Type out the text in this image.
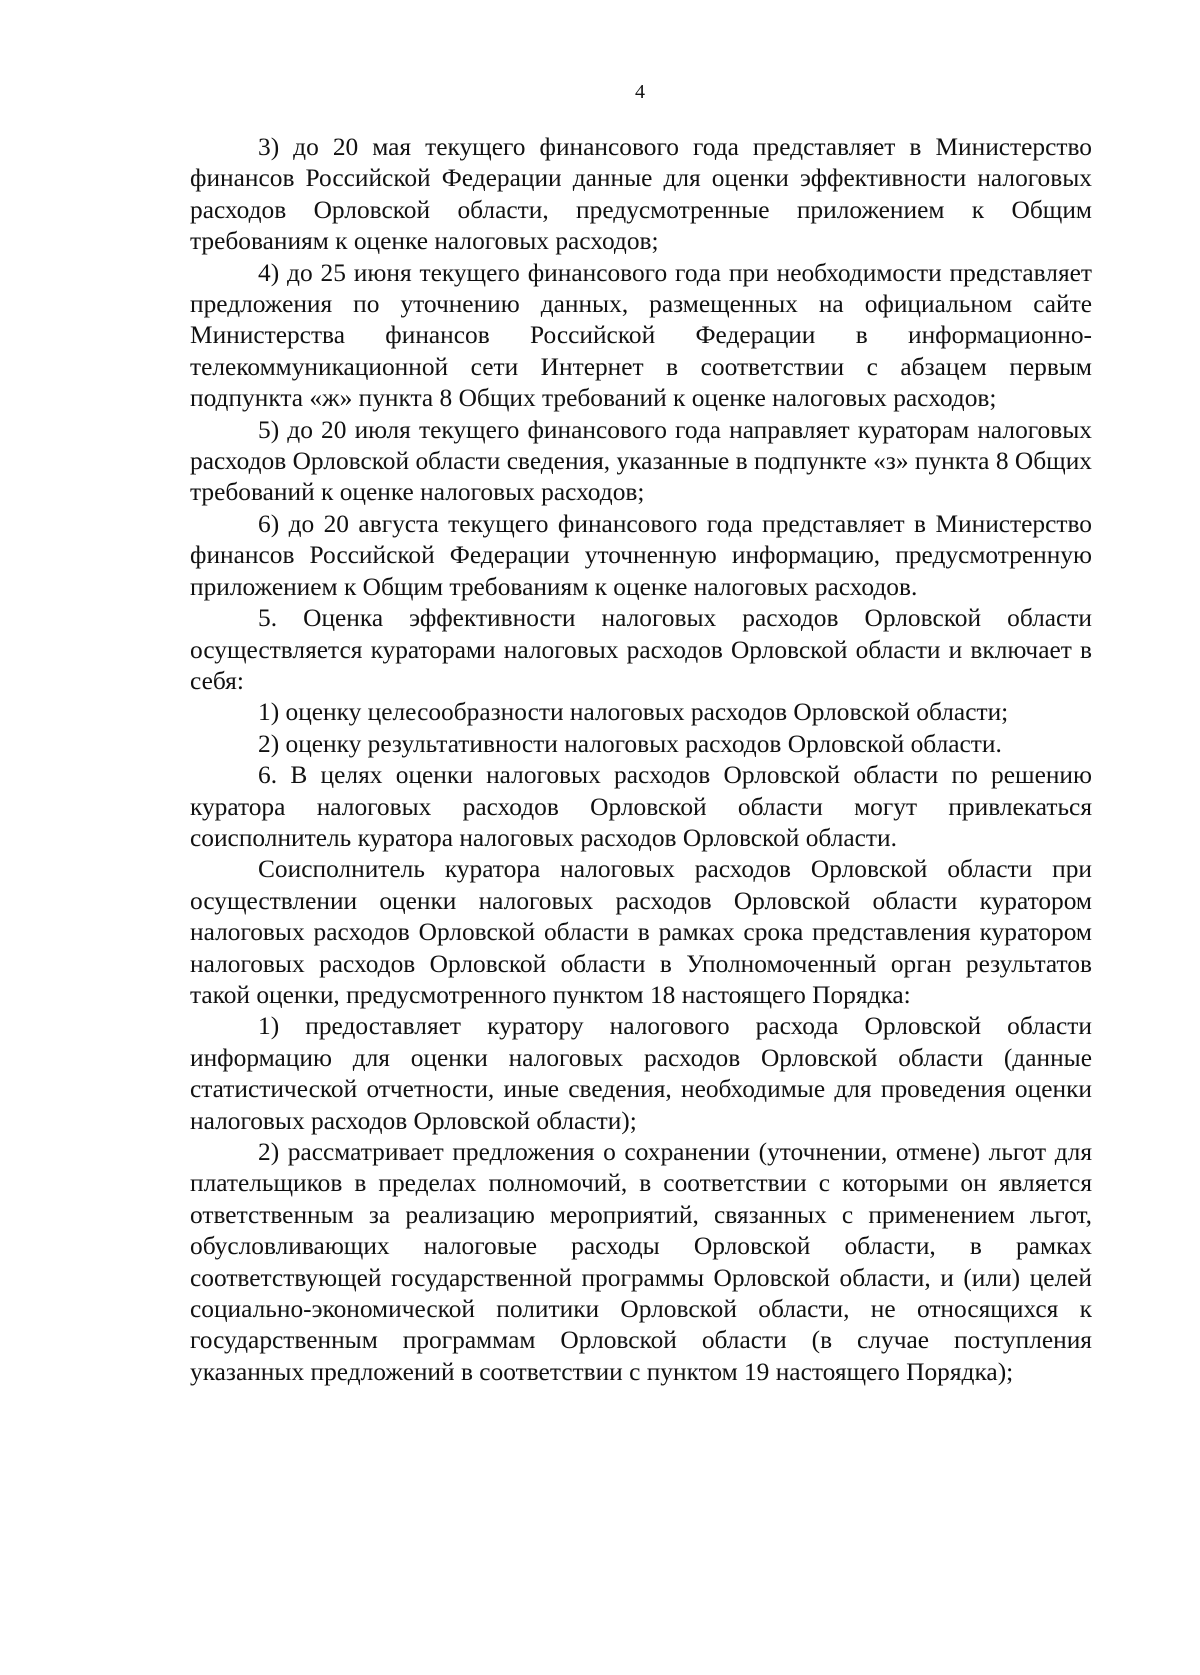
4

3) до 20 мая текущего финансового года представляет в Министерство финансов Российской Федерации данные для оценки эффективности налоговых расходов Орловской области, предусмотренные приложением к Общим требованиям к оценке налоговых расходов;

4) до 25 июня текущего финансового года при необходимости представляет предложения по уточнению данных, размещенных на официальном сайте Министерства финансов Российской Федерации в информационно-телекоммуникационной сети Интернет в соответствии с абзацем первым подпункта «ж» пункта 8 Общих требований к оценке налоговых расходов;

5) до 20 июля текущего финансового года направляет кураторам налоговых расходов Орловской области сведения, указанные в подпункте «з» пункта 8 Общих требований к оценке налоговых расходов;

6) до 20 августа текущего финансового года представляет в Министерство финансов Российской Федерации уточненную информацию, предусмотренную приложением к Общим требованиям к оценке налоговых расходов.

5. Оценка эффективности налоговых расходов Орловской области осуществляется кураторами налоговых расходов Орловской области и включает в себя:

1) оценку целесообразности налоговых расходов Орловской области;

2) оценку результативности налоговых расходов Орловской области.

6. В целях оценки налоговых расходов Орловской области по решению куратора налоговых расходов Орловской области могут привлекаться соисполнитель куратора налоговых расходов Орловской области.

Соисполнитель куратора налоговых расходов Орловской области при осуществлении оценки налоговых расходов Орловской области куратором налоговых расходов Орловской области в рамках срока представления куратором налоговых расходов Орловской области в Уполномоченный орган результатов такой оценки, предусмотренного пунктом 18 настоящего Порядка:

1) предоставляет куратору налогового расхода Орловской области информацию для оценки налоговых расходов Орловской области (данные статистической отчетности, иные сведения, необходимые для проведения оценки налоговых расходов Орловской области);

2) рассматривает предложения о сохранении (уточнении, отмене) льгот для плательщиков в пределах полномочий, в соответствии с которыми он является ответственным за реализацию мероприятий, связанных с применением льгот, обусловливающих налоговые расходы Орловской области, в рамках соответствующей государственной программы Орловской области, и (или) целей социально-экономической политики Орловской области, не относящихся к государственным программам Орловской области (в случае поступления указанных предложений в соответствии с пунктом 19 настоящего Порядка);
